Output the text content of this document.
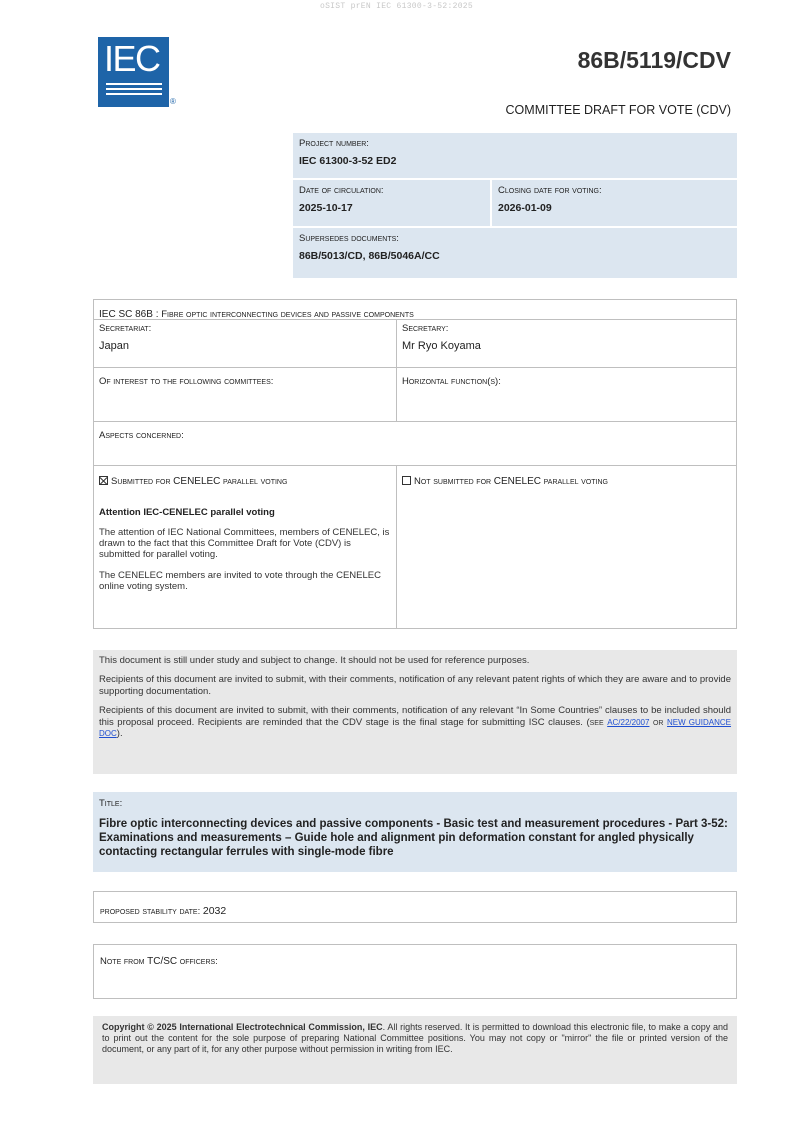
oSIST prEN IEC 61300-3-52:2025
IEC
®
86B/5119/CDV
COMMITTEE DRAFT FOR VOTE (CDV)
Project number:
IEC 61300-3-52 ED2
Date of circulation:
2025-10-17
Closing date for voting:
2026-01-09
Supersedes documents:
86B/5013/CD, 86B/5046A/CC
IEC SC 86B : Fibre optic interconnecting devices and passive components
Secretariat:
Japan
Secretary:
Mr Ryo Koyama
Of interest to the following committees:	Horizontal function(s):
Aspects concerned:
Submitted for CENELEC parallel voting
Attention IEC-CENELEC parallel voting
The attention of IEC National Committees, members of CENELEC, is drawn to the fact that this Committee Draft for Vote (CDV) is submitted for parallel voting.
The CENELEC members are invited to vote through the CENELEC online voting system.
Not submitted for CENELEC parallel voting

This document is still under study and subject to change. It should not be used for reference purposes.

Recipients of this document are invited to submit, with their comments, notification of any relevant patent rights of which they are aware and to provide supporting documentation.

Recipients of this document are invited to submit, with their comments, notification of any relevant “In Some Countries” clauses to be included should this proposal proceed. Recipients are reminded that the CDV stage is the final stage for submitting ISC clauses. (see AC/22/2007 or NEW GUIDANCE DOC).

Title:
Fibre optic interconnecting devices and passive components - Basic test and measurement procedures - Part 3-52: Examinations and measurements – Guide hole and alignment pin deformation constant for angled physically contacting rectangular ferrules with single-mode fibre
proposed stability date: 2032
Note from TC/SC officers:
Copyright © 2025 International Electrotechnical Commission, IEC. All rights reserved. It is permitted to download this electronic file, to make a copy and to print out the content for the sole purpose of preparing National Committee positions. You may not copy or "mirror" the file or printed version of the document, or any part of it, for any other purpose without permission in writing from IEC.
